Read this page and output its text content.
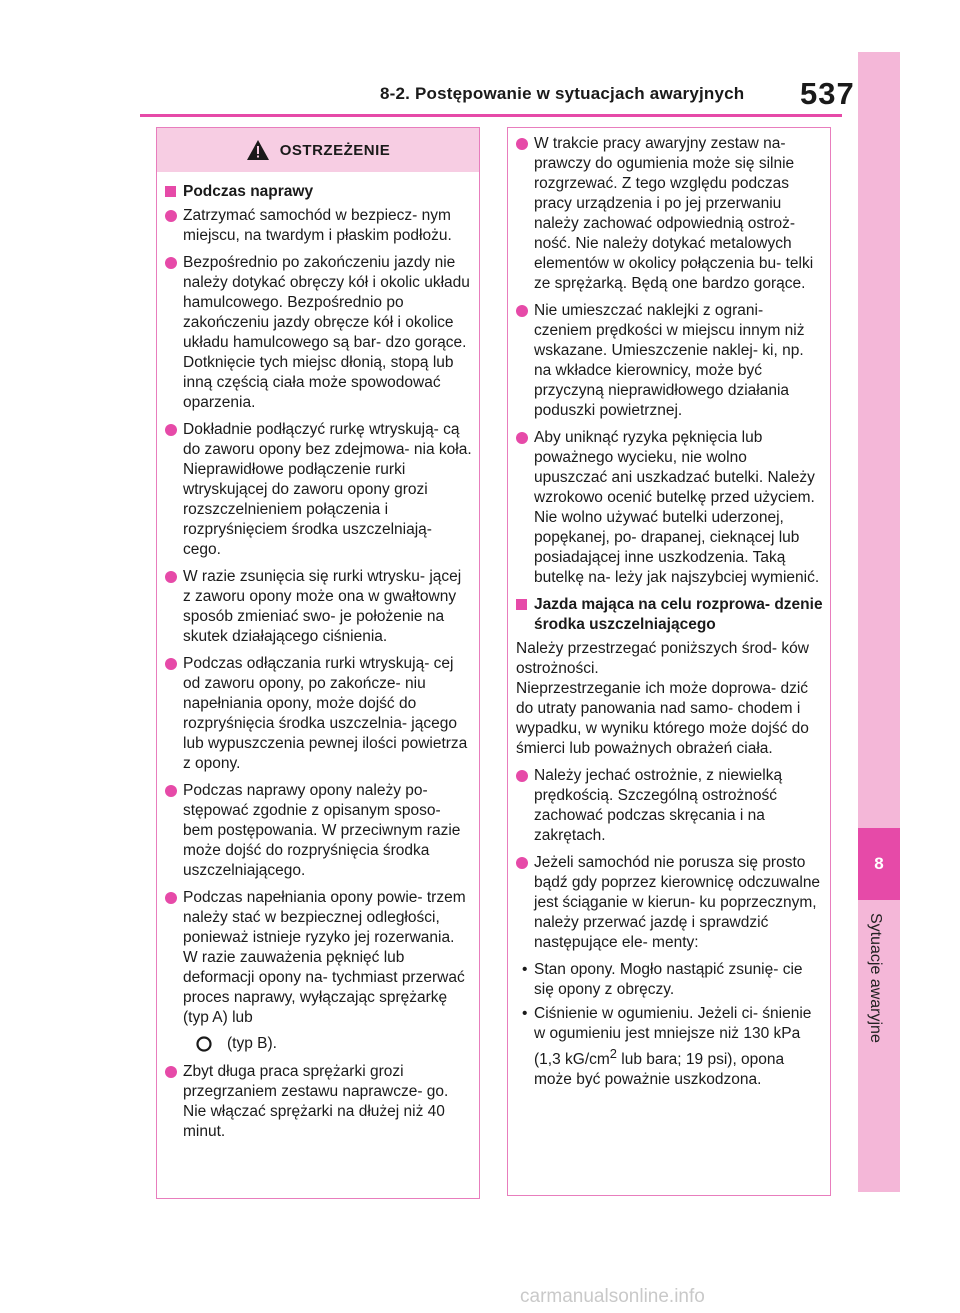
8
Sytuacje awaryjne
8-2. Postępowanie w sytuacjach awaryjnych 537
OSTRZEŻENIE
Podczas naprawy
Zatrzymać samochód w bezpiecz- nym miejscu, na twardym i płaskim podłożu.
Bezpośrednio po zakończeniu jazdy nie należy dotykać obręczy kół i okolic układu hamulcowego. Bezpośrednio po zakończeniu jazdy obręcze kół i okolice układu hamulcowego są bar- dzo gorące. Dotknięcie tych miejsc dłonią, stopą lub inną częścią ciała może spowodować oparzenia.
Dokładnie podłączyć rurkę wtryskują- cą do zaworu opony bez zdejmowa- nia koła. Nieprawidłowe podłączenie rurki wtryskującej do zaworu opony grozi rozszczelnieniem połączenia i rozpryśnięciem środka uszczelniają- cego.
W razie zsunięcia się rurki wtrysku- jącej z zaworu opony może ona w gwałtowny sposób zmieniać swo- je położenie na skutek działającego ciśnienia.
Podczas odłączania rurki wtryskują- cej od zaworu opony, po zakończe- niu napełniania opony, może dojść do rozpryśnięcia środka uszczelnia- jącego lub wypuszczenia pewnej ilości powietrza z opony.
Podczas naprawy opony należy po- stępować zgodnie z opisanym sposo- bem postępowania. W przeciwnym razie może dojść do rozpryśnięcia środka uszczelniającego.
Podczas napełniania opony powie- trzem należy stać w bezpiecznej odległości, ponieważ istnieje ryzyko jej rozerwania. W razie zauważenia pęknięć lub deformacji opony na- tychmiast przerwać proces naprawy, wyłączając sprężarkę (typ A) lub
(typ B).
Zbyt długa praca sprężarki grozi przegrzaniem zestawu naprawcze- go. Nie włączać sprężarki na dłużej niż 40 minut.
W trakcie pracy awaryjny zestaw na- prawczy do ogumienia może się silnie rozgrzewać. Z tego względu podczas pracy urządzenia i po jej przerwaniu należy zachować odpowiednią ostroż- ność. Nie należy dotykać metalowych elementów w okolicy połączenia bu- telki ze sprężarką. Będą one bardzo gorące.
Nie umieszczać naklejki z ograni- czeniem prędkości w miejscu innym niż wskazane. Umieszczenie naklej- ki, np. na wkładce kierownicy, może być przyczyną nieprawidłowego działania poduszki powietrznej.
Aby uniknąć ryzyka pęknięcia lub poważnego wycieku, nie wolno upuszczać ani uszkadzać butelki. Należy wzrokowo ocenić butelkę przed użyciem. Nie wolno używać butelki uderzonej, popękanej, po- drapanej, cieknącej lub posiadającej inne uszkodzenia. Taką butelkę na- leży jak najszybciej wymienić.
Jazda mająca na celu rozprowa- dzenie środka uszczelniającego
Należy przestrzegać poniższych środ- ków ostrożności.
Nieprzestrzeganie ich może doprowa- dzić do utraty panowania nad samo- chodem i wypadku, w wyniku którego może dojść do śmierci lub poważnych obrażeń ciała.
Należy jechać ostrożnie, z niewielką prędkością. Szczególną ostrożność zachować podczas skręcania i na zakrętach.
Jeżeli samochód nie porusza się prosto bądź gdy poprzez kierownicę odczuwalne jest ściąganie w kierun- ku poprzecznym, należy przerwać jazdę i sprawdzić następujące ele- menty:
• Stan opony. Mogło nastąpić zsunię- cie się opony z obręczy.
• Ciśnienie w ogumieniu. Jeżeli ci- śnienie w ogumieniu jest mniejsze niż 130 kPa (1,3 $kG/cm^2$ lub bara; 19 psi), opona może być poważnie uszkodzona.
carmanualsonline.info
